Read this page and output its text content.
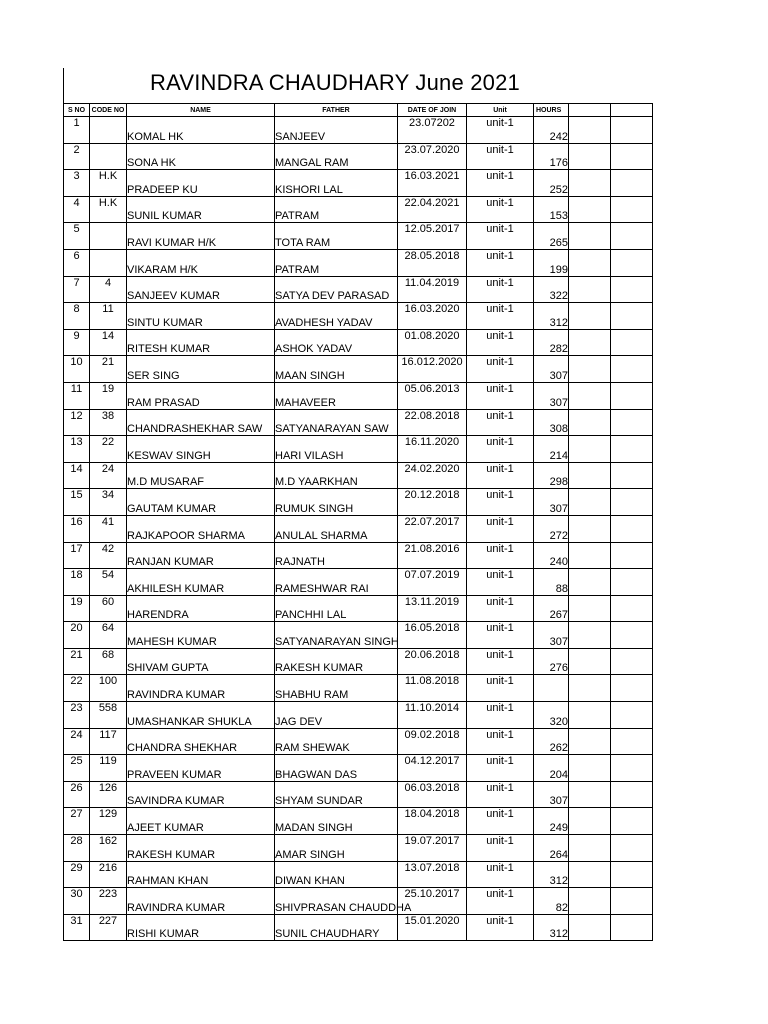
RAVINDRA CHAUDHARY June 2021
S NO	CODE NO	NAME	FATHER	DATE OF JOIN	Unit	HOURS		
1		KOMAL HK	SANJEEV	23.07202	unit-1	242		
2		SONA HK	MANGAL RAM	23.07.2020	unit-1	176		
3	H.K	PRADEEP KU	KISHORI LAL	16.03.2021	unit-1	252		
4	H.K	SUNIL KUMAR	PATRAM	22.04.2021	unit-1	153		
5		RAVI KUMAR H/K	TOTA RAM	12.05.2017	unit-1	265		
6		VIKARAM H/K	PATRAM	28.05.2018	unit-1	199		
7	4	SANJEEV KUMAR	SATYA DEV PARASAD	11.04.2019	unit-1	322		
8	11	SINTU KUMAR	AVADHESH YADAV	16.03.2020	unit-1	312		
9	14	RITESH KUMAR	ASHOK YADAV	01.08.2020	unit-1	282		
10	21	SER SING	MAAN SINGH	16.012.2020	unit-1	307		
11	19	RAM PRASAD	MAHAVEER	05.06.2013	unit-1	307		
12	38	CHANDRASHEKHAR SAW	SATYANARAYAN SAW	22.08.2018	unit-1	308		
13	22	KESWAV SINGH	HARI VILASH	16.11.2020	unit-1	214		
14	24	M.D MUSARAF	M.D YAARKHAN	24.02.2020	unit-1	298		
15	34	GAUTAM KUMAR	RUMUK SINGH	20.12.2018	unit-1	307		
16	41	RAJKAPOOR SHARMA	ANULAL SHARMA	22.07.2017	unit-1	272		
17	42	RANJAN KUMAR	RAJNATH	21.08.2016	unit-1	240		
18	54	AKHILESH KUMAR	RAMESHWAR RAI	07.07.2019	unit-1	88		
19	60	HARENDRA	PANCHHI LAL	13.11.2019	unit-1	267		
20	64	MAHESH KUMAR	SATYANARAYAN SINGH	16.05.2018	unit-1	307		
21	68	SHIVAM GUPTA	RAKESH KUMAR	20.06.2018	unit-1	276		
22	100	RAVINDRA KUMAR	SHABHU RAM	11.08.2018	unit-1			
23	558	UMASHANKAR SHUKLA	JAG DEV	11.10.2014	unit-1	320		
24	117	CHANDRA SHEKHAR	RAM SHEWAK	09.02.2018	unit-1	262		
25	119	PRAVEEN KUMAR	BHAGWAN DAS	04.12.2017	unit-1	204		
26	126	SAVINDRA KUMAR	SHYAM SUNDAR	06.03.2018	unit-1	307		
27	129	AJEET KUMAR	MADAN SINGH	18.04.2018	unit-1	249		
28	162	RAKESH KUMAR	AMAR SINGH	19.07.2017	unit-1	264		
29	216	RAHMAN KHAN	DIWAN KHAN	13.07.2018	unit-1	312		
30	223	RAVINDRA KUMAR	SHIVPRASAN CHAUDDHA	25.10.2017	unit-1	82		
31	227	RISHI KUMAR	SUNIL CHAUDHARY	15.01.2020	unit-1	312		
